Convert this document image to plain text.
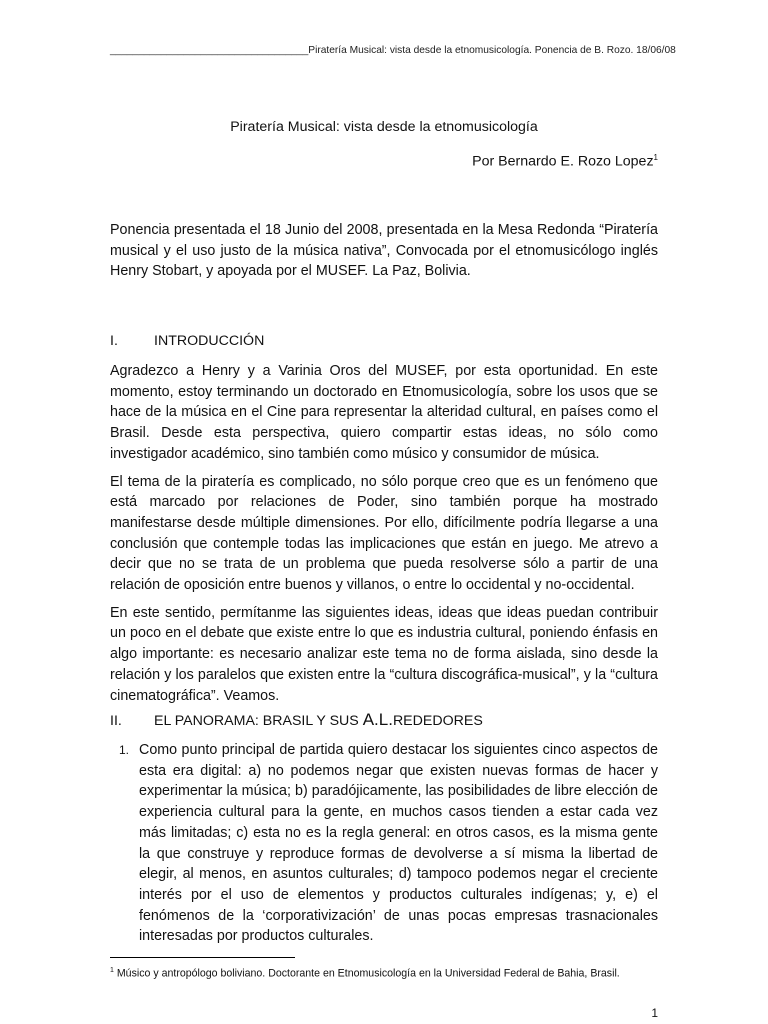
___________________________________Piratería Musical: vista desde la etnomusicología. Ponencia de B. Rozo. 18/06/08
Piratería Musical: vista desde la etnomusicología
Por Bernardo E. Rozo Lopez$^1$

Ponencia presentada el 18 Junio del 2008, presentada en la Mesa Redonda “Piratería musical y el uso justo de la música nativa”, Convocada por el etnomusicólogo inglés Henry Stobart, y apoyada por el MUSEF. La Paz, Bolivia.

I.	INTRODUCCIÓN

Agradezco a Henry y a Varinia Oros del MUSEF, por esta oportunidad. En este momento, estoy terminando un doctorado en Etnomusicología, sobre los usos que se hace de la música en el Cine para representar la alteridad cultural, en países como el Brasil. Desde esta perspectiva, quiero compartir estas ideas, no sólo como investigador académico, sino también como músico y consumidor de música.

El tema de la piratería es complicado, no sólo porque creo que es un fenómeno que está marcado por relaciones de Poder, sino también porque ha mostrado manifestarse desde múltiple dimensiones. Por ello, difícilmente podría llegarse a una conclusión que contemple todas las implicaciones que están en juego. Me atrevo a decir que no se trata de un problema que pueda resolverse sólo a partir de una relación de oposición entre buenos y villanos, o entre lo occidental y no-occidental.

En este sentido, permítanme las siguientes ideas, ideas que ideas puedan contribuir un poco en el debate que existe entre lo que es industria cultural, poniendo énfasis en algo importante: es necesario analizar este tema no de forma aislada, sino desde la relación y los paralelos que existen entre la “cultura discográfica-musical”, y la “cultura cinematográfica”. Veamos.

II. EL PANORAMA: BRASIL Y SUS A.L.REDEDORES
1. Como punto principal de partida quiero destacar los siguientes cinco aspectos de esta era digital: a) no podemos negar que existen nuevas formas de hacer y experimentar la música; b) paradójicamente, las posibilidades de libre elección de experiencia cultural para la gente, en muchos casos tienden a estar cada vez más limitadas; c) esta no es la regla general: en otros casos, es la misma gente la que construye y reproduce formas de devolverse a sí misma la libertad de elegir, al menos, en asuntos culturales; d) tampoco podemos negar el creciente interés por el uso de elementos y productos culturales indígenas; y, e) el fenómenos de la ‘corporativización’ de unas pocas empresas trasnacionales interesadas por productos culturales.
$^1$ Músico y antropólogo boliviano. Doctorante en Etnomusicología en la Universidad Federal de Bahia, Brasil.
1
